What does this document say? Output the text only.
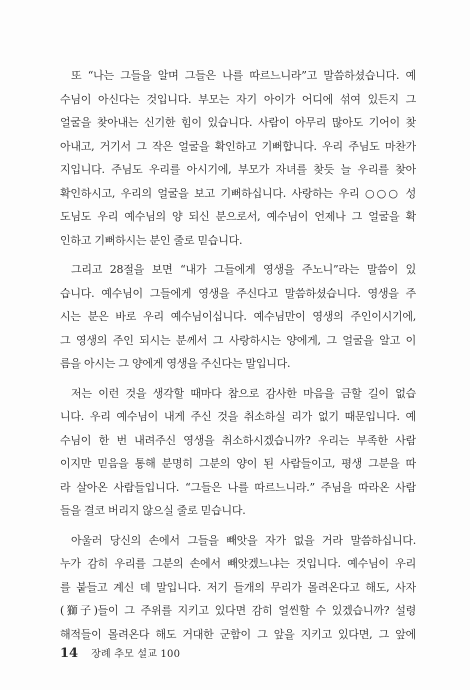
또 “나는 그들을 알며 그들은 나를 따르느니라”고 말씀하셨습니다. 예
수님이 아신다는 것입니다. 부모는 자기 아이가 어디에 섞여 있든지 그
얼굴을 찾아내는 신기한 힘이 있습니다. 사람이 아무리 많아도 기어이 찾
아내고, 거기서 그 작은 얼굴을 확인하고 기뻐합니다. 우리 주님도 마찬가
지입니다. 주님도 우리를 아시기에, 부모가 자녀를 찾듯 늘 우리를 찾아
확인하시고, 우리의 얼굴을 보고 기뻐하십니다. 사랑하는 우리 ○○○ 성
도님도 우리 예수님의 양 되신 분으로서, 예수님이 언제나 그 얼굴을 확
인하고 기뻐하시는 분인 줄로 믿습니다.
그리고 28절을 보면 “내가 그들에게 영생을 주노니”라는 말씀이 있
습니다. 예수님이 그들에게 영생을 주신다고 말씀하셨습니다. 영생을 주
시는 분은 바로 우리 예수님이십니다. 예수님만이 영생의 주인이시기에,
그 영생의 주인 되시는 분께서 그 사랑하시는 양에게, 그 얼굴을 알고 이
름을 아시는 그 양에게 영생을 주신다는 말입니다.
저는 이런 것을 생각할 때마다 참으로 감사한 마음을 금할 길이 없습
니다. 우리 예수님이 내게 주신 것을 취소하실 리가 없기 때문입니다. 예
수님이 한 번 내려주신 영생을 취소하시겠습니까? 우리는 부족한 사람
이지만 믿음을 통해 분명히 그분의 양이 된 사람들이고, 평생 그분을 따
라 살아온 사람들입니다. “그들은 나를 따르느니라.” 주님을 따라온 사람
들을 결코 버리지 않으실 줄로 믿습니다.
아울러 당신의 손에서 그들을 빼앗을 자가 없을 거라 말씀하십니다.
누가 감히 우리를 그분의 손에서 빼앗겠느냐는 것입니다. 예수님이 우리
를 붙들고 계신 데 말입니다. 저기 들개의 무리가 몰려온다고 해도, 사자
(獅子)들이 그 주위를 지키고 있다면 감히 얼씬할 수 있겠습니까? 설령
해적들이 몰려온다 해도 거대한 군함이 그 앞을 지키고 있다면, 그 앞에
14 장례 추모 설교 100
